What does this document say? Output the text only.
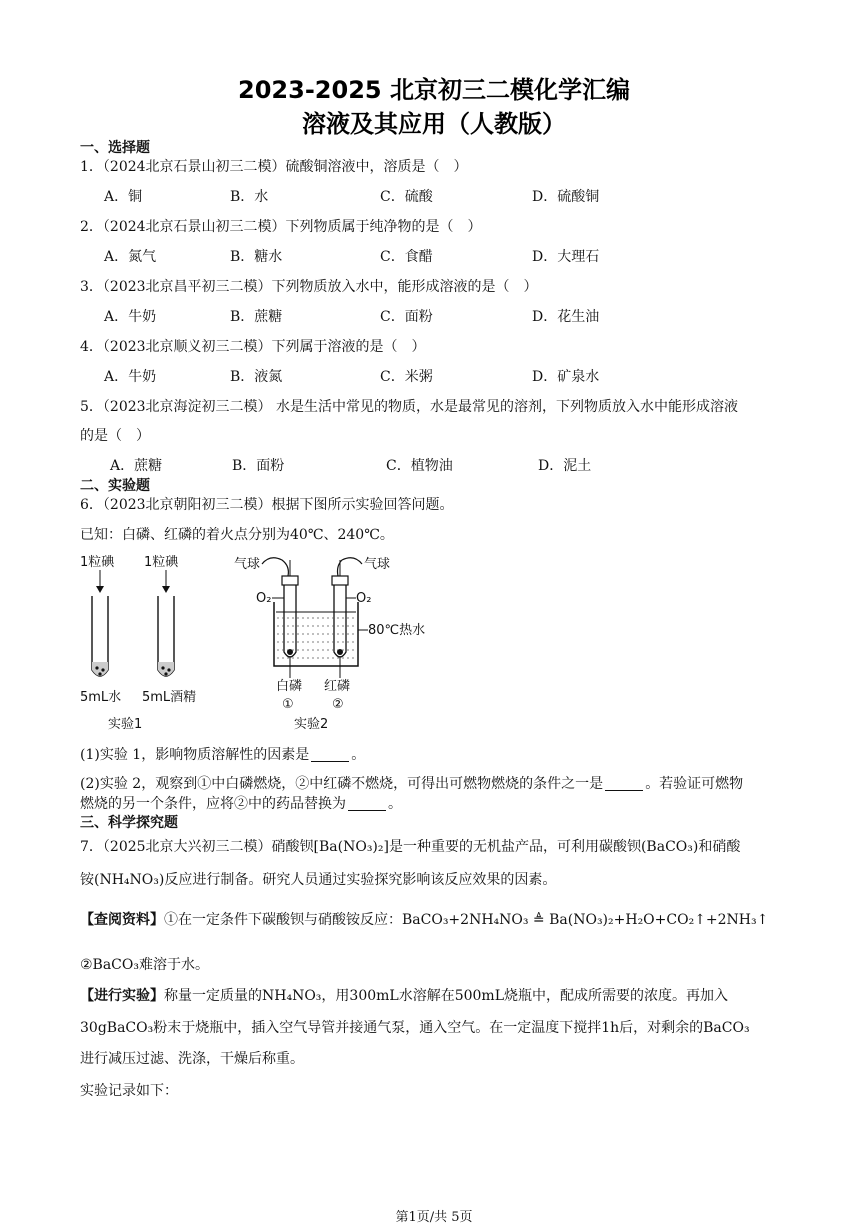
2023-2025 北京初三二模化学汇编
溶液及其应用（人教版）
一、选择题
1．（2024北京石景山初三二模）硫酸铜溶液中，溶质是（　）
A．铜	B．水	C．硫酸	D．硫酸铜
2．（2024北京石景山初三二模）下列物质属于纯净物的是（　）
A．氮气	B．糖水	C．食醋	D．大理石
3．（2023北京昌平初三二模）下列物质放入水中，能形成溶液的是（　）
A．牛奶	B．蔗糖	C．面粉	D．花生油
4．（2023北京顺义初三二模）下列属于溶液的是（　）
A．牛奶	B．液氮	C．米粥	D．矿泉水
5．（2023北京海淀初三二模） 水是生活中常见的物质，水是最常见的溶剂，下列物质放入水中能形成溶液
的是（　）
A．蔗糖	B．面粉	C．植物油	D．泥土
二、实验题
6．（2023北京朝阳初三二模）根据下图所示实验回答问题。
已知：白磷、红磷的着火点分别为40℃、240℃。
1粒碘
5mL水
1粒碘
5mL酒精
实验1
气球	气球
O₂	O₂
80℃热水
白磷 红磷
①	②
实验2
(1)实验 1，影响物质溶解性的因素是	。
(2)实验 2，观察到①中白磷燃烧，②中红磷不燃烧，可得出可燃物燃烧的条件之一是	。若验证可燃物
燃烧的另一个条件，应将②中的药品替换为	。
三、科学探究题
7．（2025北京大兴初三二模）硝酸钡[Ba(NO₃)₂]是一种重要的无机盐产品，可利用碳酸钡(BaCO₃)和硝酸
铵(NH₄NO₃)反应进行制备。研究人员通过实验探究影响该反应效果的因素。
【查阅资料】①在一定条件下碳酸钡与硝酸铵反应：BaCO₃+2NH₄NO₃ ≜ Ba(NO₃)₂+H₂O+CO₂↑+2NH₃↑
②BaCO₃难溶于水。
【进行实验】称量一定质量的NH₄NO₃，用300mL水溶解在500mL烧瓶中，配成所需要的浓度。再加入
30gBaCO₃粉末于烧瓶中，插入空气导管并接通气泵，通入空气。在一定温度下搅拌1h后，对剩余的BaCO₃
进行减压过滤、洗涤，干燥后称重。
实验记录如下：
第1页/共 5页
